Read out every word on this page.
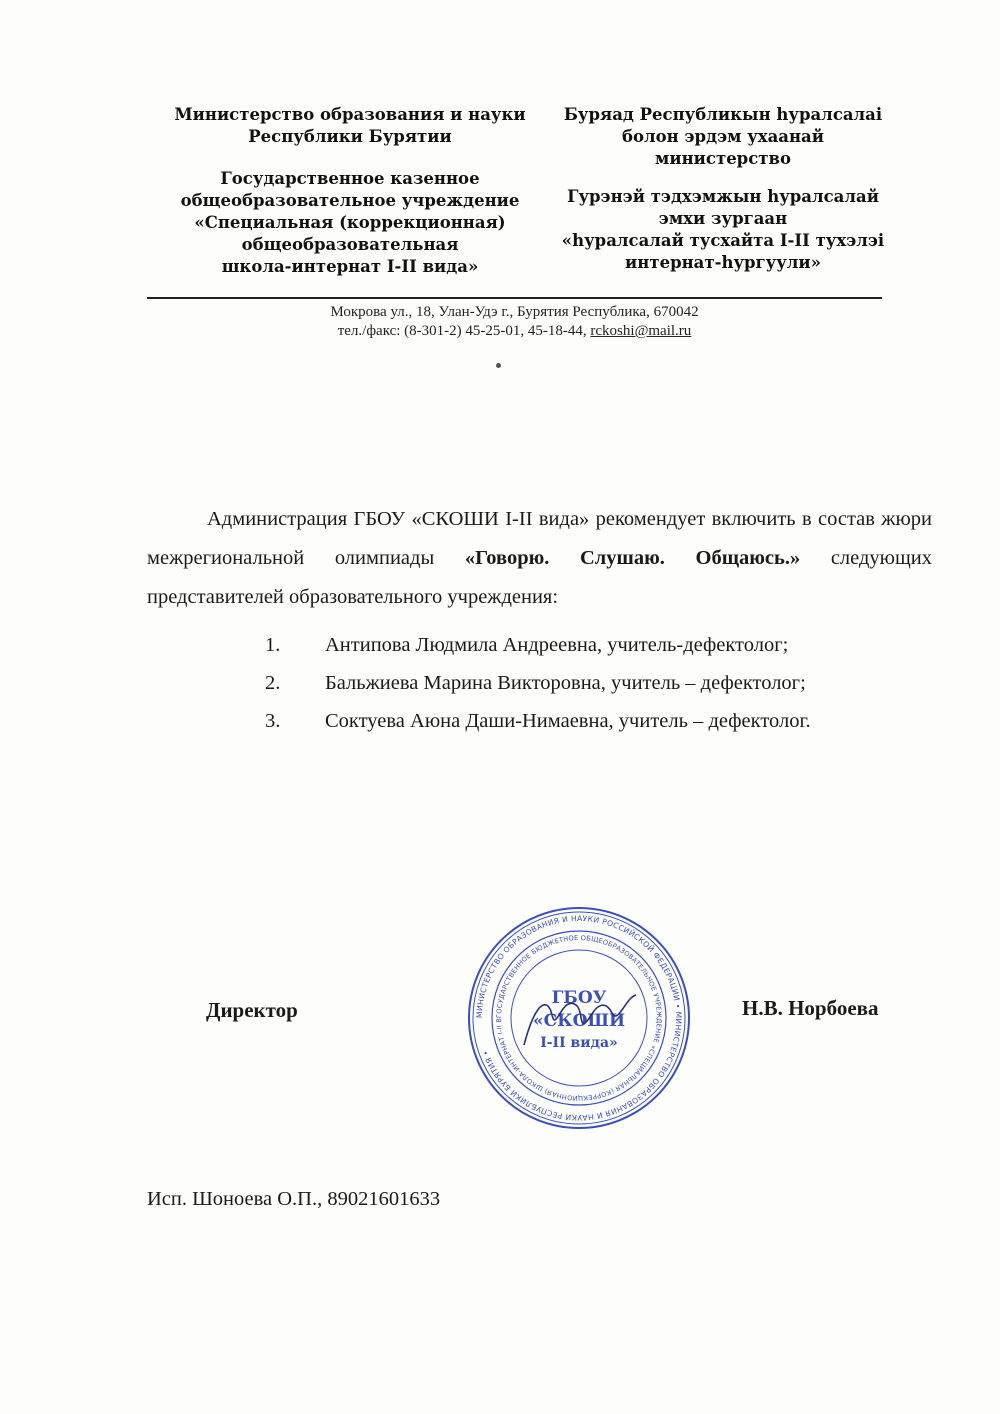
Министерство образования и науки
Республики Бурятии
Государственное казенное
общеобразовательное учреждение
«Специальная (коррекционная)
общеобразовательная
школа-интернат I-II вида»
Буряад Республикын hуралсалаi
болон эрдэм ухаанай
министерство
Гурэнэй тэдхэмжын hуралсалай
эмхи зургаан
«hуралсалай тусхайта I-II тухэлэi
интернат-hургуули»
Мокрова ул., 18, Улан-Удэ г., Бурятия Республика, 670042
тел./факс: (8-301-2) 45-25-01, 45-18-44, rckoshi@mail.ru

Администрация ГБОУ «СКОШИ I-II вида» рекомендует включить в состав жюри межрегиональной олимпиады «Говорю. Слушаю. Общаюсь.» следующих представителей образовательного учреждения:

1.	Антипова Людмила Андреевна, учитель-дефектолог;
2.	Бальжиева Марина Викторовна, учитель – дефектолог;
3.	Соктуева Аюна Даши-Нимаевна, учитель – дефектолог.
Директор	МИНИСТЕРСТВО ОБРАЗОВАНИЯ И НАУКИ РОССИЙСКОЙ ФЕДЕРАЦИИ • МИНИСТЕРСТВО ОБРАЗОВАНИЯ И НАУКИ РЕСПУБЛИКИ БУРЯТИЯ •
ГОСУДАРСТВЕННОЕ БЮДЖЕТНОЕ ОБЩЕОБРАЗОВАТЕЛЬНОЕ УЧРЕЖДЕНИЕ «СПЕЦИАЛЬНАЯ (КОРРЕКЦИОННАЯ) ШКОЛА-ИНТЕРНАТ I-II В
ГБОУ
«СКОШИ
I-II вида»
Н.В. Норбоева
Исп. Шоноева О.П., 89021601633
